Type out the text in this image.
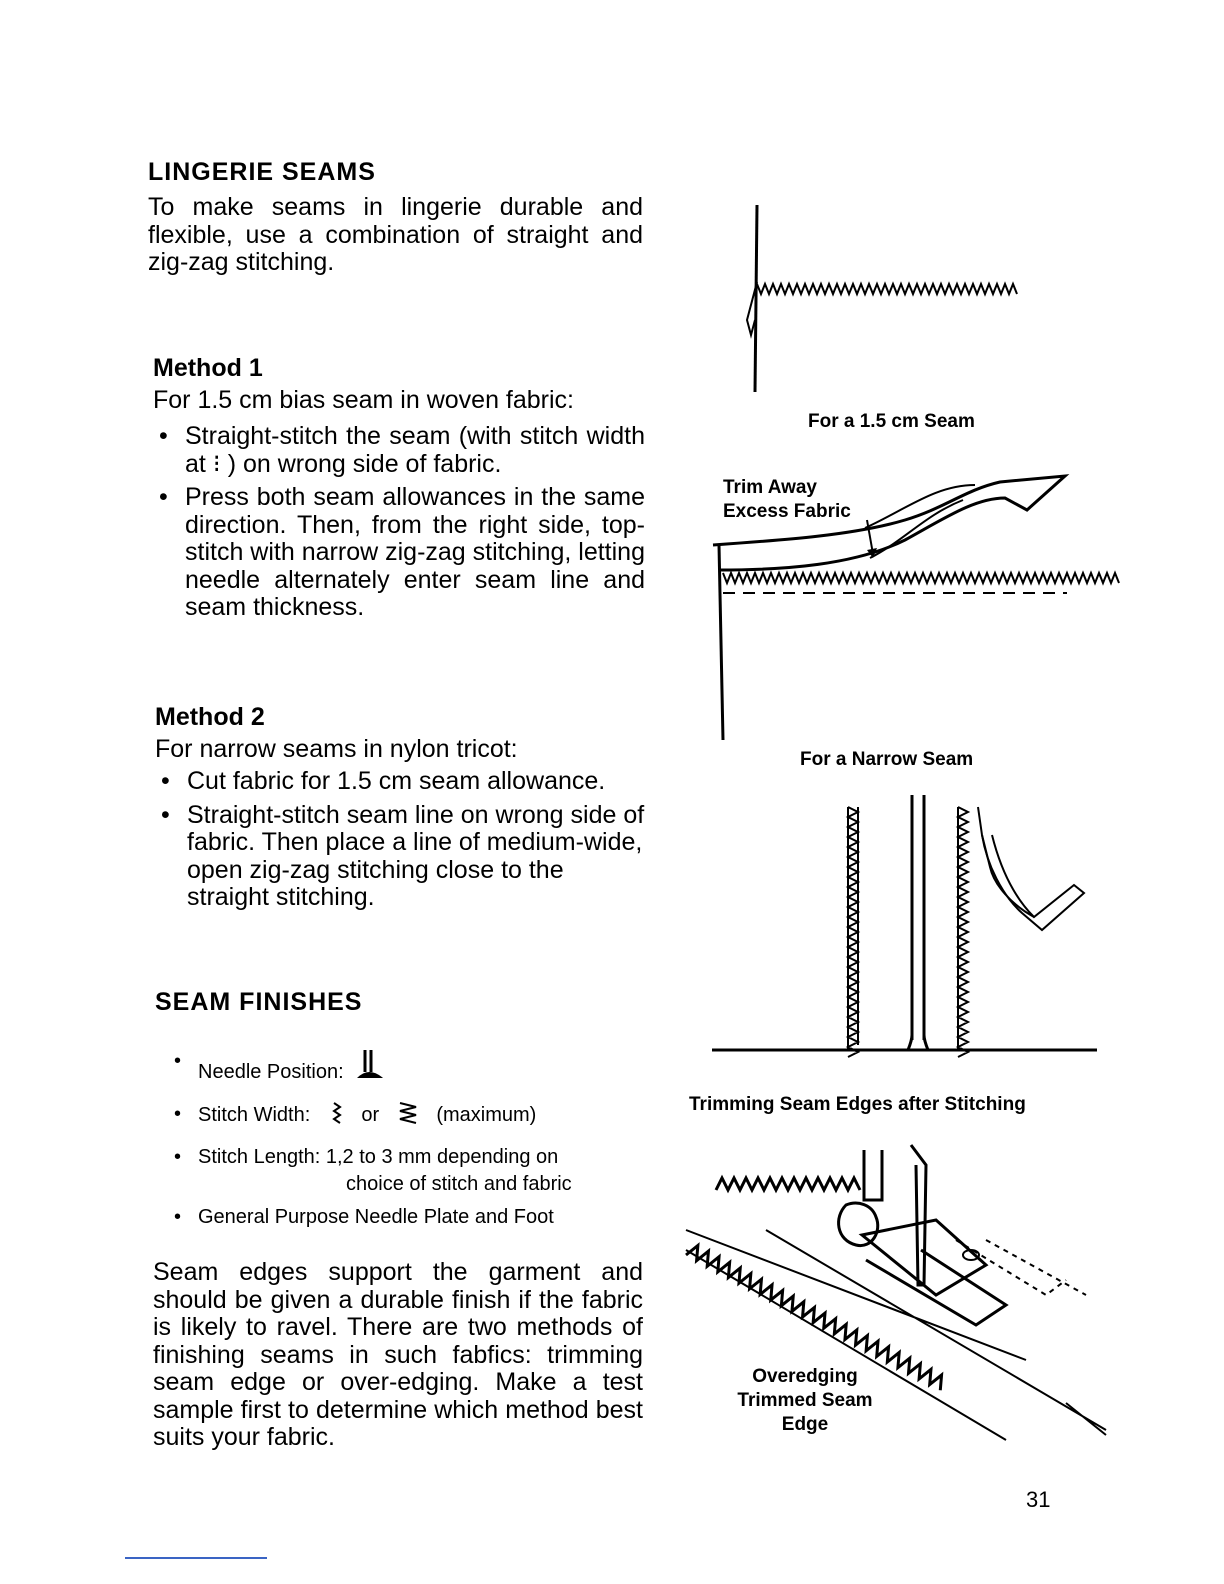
LINGERIE SEAMS
To make seams in lingerie durable and flexible, use a combination of straight and zig-zag stitching.
Method 1
For 1.5 cm bias seam in woven fabric:
• Straight-stitch the seam (with stitch width at ⁝ ) on wrong side of fabric.
• Press both seam allowances in the same direction. Then, from the right side, top-stitch with narrow zig-zag stitching, letting needle alternately enter seam line and seam thickness.
Method 2
For narrow seams in nylon tricot:
• Cut fabric for 1.5 cm seam allowance.
• Straight-stitch seam line on wrong side of fabric. Then place a line of medium-wide, open zig-zag stitching close to the straight stitching.
SEAM FINISHES
• Needle Position:
• Stitch Width:	or	(maximum)
• Stitch Length: 1,2 to 3 mm depending on
choice of stitch and fabric
• General Purpose Needle Plate and Foot
Seam edges support the garment and should be given a durable finish if the fabric is likely to ravel. There are two methods of finishing seams in such fabfics: trimming seam edge or over-edging. Make a test sample first to determine which method best suits your fabric.
For a 1.5 cm Seam
Trim Away
Excess Fabric
For a Narrow Seam
Trimming Seam Edges after Stitching
Overedging
Trimmed Seam
Edge
31
